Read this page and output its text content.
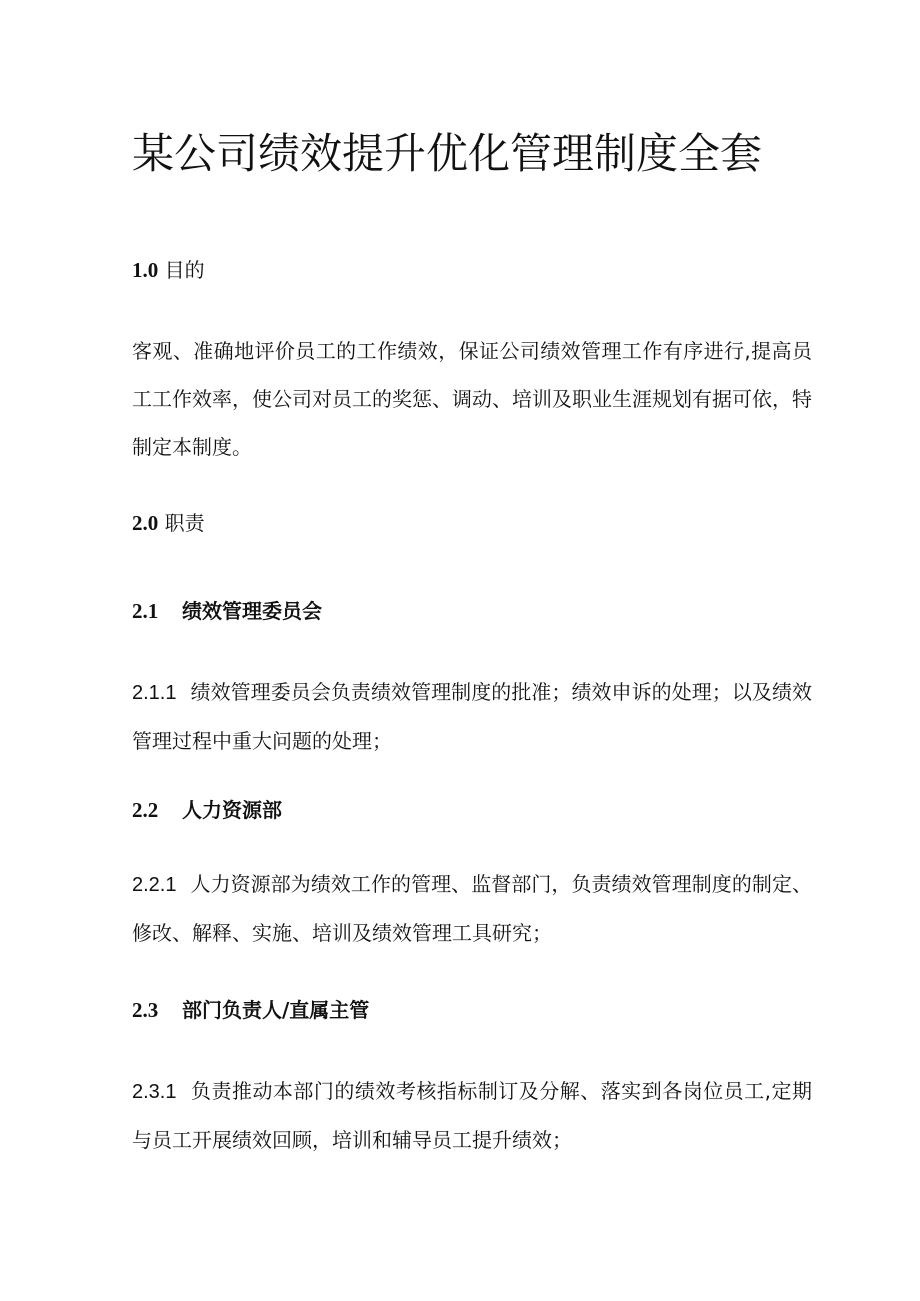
某公司绩效提升优化管理制度全套
1.0 目的
客观、准确地评价员工的工作绩效，保证公司绩效管理工作有序进行,提高员工工作效率，使公司对员工的奖惩、调动、培训及职业生涯规划有据可依，特制定本制度。
2.0 职责
2.1 绩效管理委员会
2.1.1 绩效管理委员会负责绩效管理制度的批准；绩效申诉的处理；以及绩效管理过程中重大问题的处理；
2.2 人力资源部
2.2.1 人力资源部为绩效工作的管理、监督部门，负责绩效管理制度的制定、修改、解释、实施、培训及绩效管理工具研究；
2.3 部门负责人/直属主管
2.3.1 负责推动本部门的绩效考核指标制订及分解、落实到各岗位员工,定期与员工开展绩效回顾，培训和辅导员工提升绩效；
